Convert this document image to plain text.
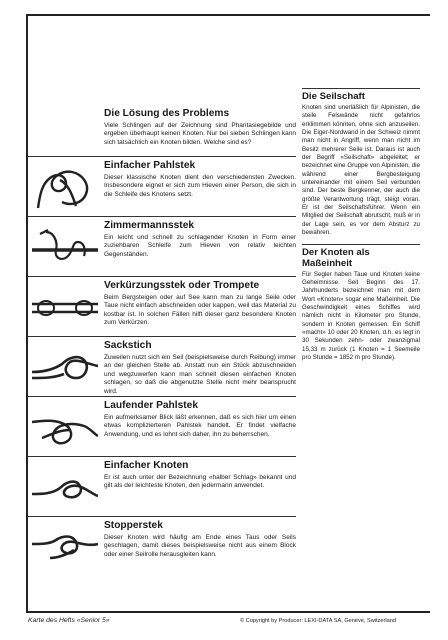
Die Lösung des Problems

Viele Schlingen auf der Zeichnung sind Phantasiegebilde und ergeben überhaupt keinen Knoten. Nur bei sieben Schlingen kann sich tatsächlich ein Knoten bilden. Welche sind es?

Einfacher Pahlstek

Dieser klassische Knoten dient den verschiedensten Zwecken. Insbesondere eignet er sich zum Hieven einer Person, die sich in die Schleife des Knotens setzt.

Zimmermannsstek

Ein leicht und schnell zu schlagender Knoten in Form einer zuziehbaren Schleife zum Hieven von relativ leichten Gegenständen.

Verkürzungsstek oder Trompete

Beim Bergsteigen oder auf See kann man zu lange Seile oder Taue nicht einfach abschneiden oder kappen, weil das Material zu kostbar ist. In solchen Fällen hilft dieser ganz besondere Knoten zum Verkürzen.

Sackstich

Zuweilen nutzt sich ein Seil (beispielsweise durch Reibung) immer an der gleichen Stelle ab. Anstatt nun ein Stück abzuschneiden und wegzuwerfen kann man schnell diesen einfachen Knoten schlagen, so daß die abgenutzte Stelle nicht mehr beansprucht wird.

Laufender Pahlstek

Ein aufmerksamer Blick läßt erkennen, daß es sich hier um einen etwas komplizierteren Pahlstek handelt. Er findet vielfache Anwendung, und es lohnt sich daher, ihn zu beherrschen.

Einfacher Knoten

Er ist auch unter der Bezeichnung «halber Schlag» bekannt und gilt als der leichteste Knoten, den jedermann anwendet.

Stopperstek

Dieser Knoten wird häufig am Ende eines Taus oder Seils geschlagen, damit dieses beispielsweise nicht aus einem Block oder einer Seilrolle herausgleiten kann.

Die Seilschaft

Knoten sind unerläßlich für Alpinisten, die steile Felswände nicht gefahrlos erklimmen könnten, ohne sich anzuseilen. Die Eiger-Nordwand in der Schweiz nimmt man nicht in Angriff, wenn man nicht im Besitz mehrerer Seile ist. Daraus ist auch der Begriff «Seilschaft» abgeleitet; er bezeichnet eine Gruppe von Alpinisten, die während einer Bergbesteigung untereinander mit einem Seil verbunden sind. Der beste Bergkenner, der auch die größte Verantwortung trägt, steigt voran. Er ist der Seilschaftsführer. Wenn ein Mitglied der Seilschaft abrutscht, muß er in der Lage sein, es vor dem Absturz zu bewahren.

Der Knoten als Maßeinheit

Für Segler haben Taue und Knoten keine Geheimnisse. Seit Beginn des 17. Jahrhunderts bezeichnet man mit dem Wort «Knoten» sogar eine Maßeinheit. Die Geschwindigkeit eines Schiffes wird nämlich nicht in Kilometer pro Stunde, sondern in Knoten gemessen. Ein Schiff «macht» 10 oder 20 Knoten, d.h. es legt in 30 Sekunden zehn- oder zwanzigmal 15,33 m zurück (1 Knoten = 1 Seemeile pro Stunde = 1852 m pro Stunde).

Karte des Hefts «Senior 5»	© Copyright by Producer: LEXI-DATA SA, Genève, Switzerland
